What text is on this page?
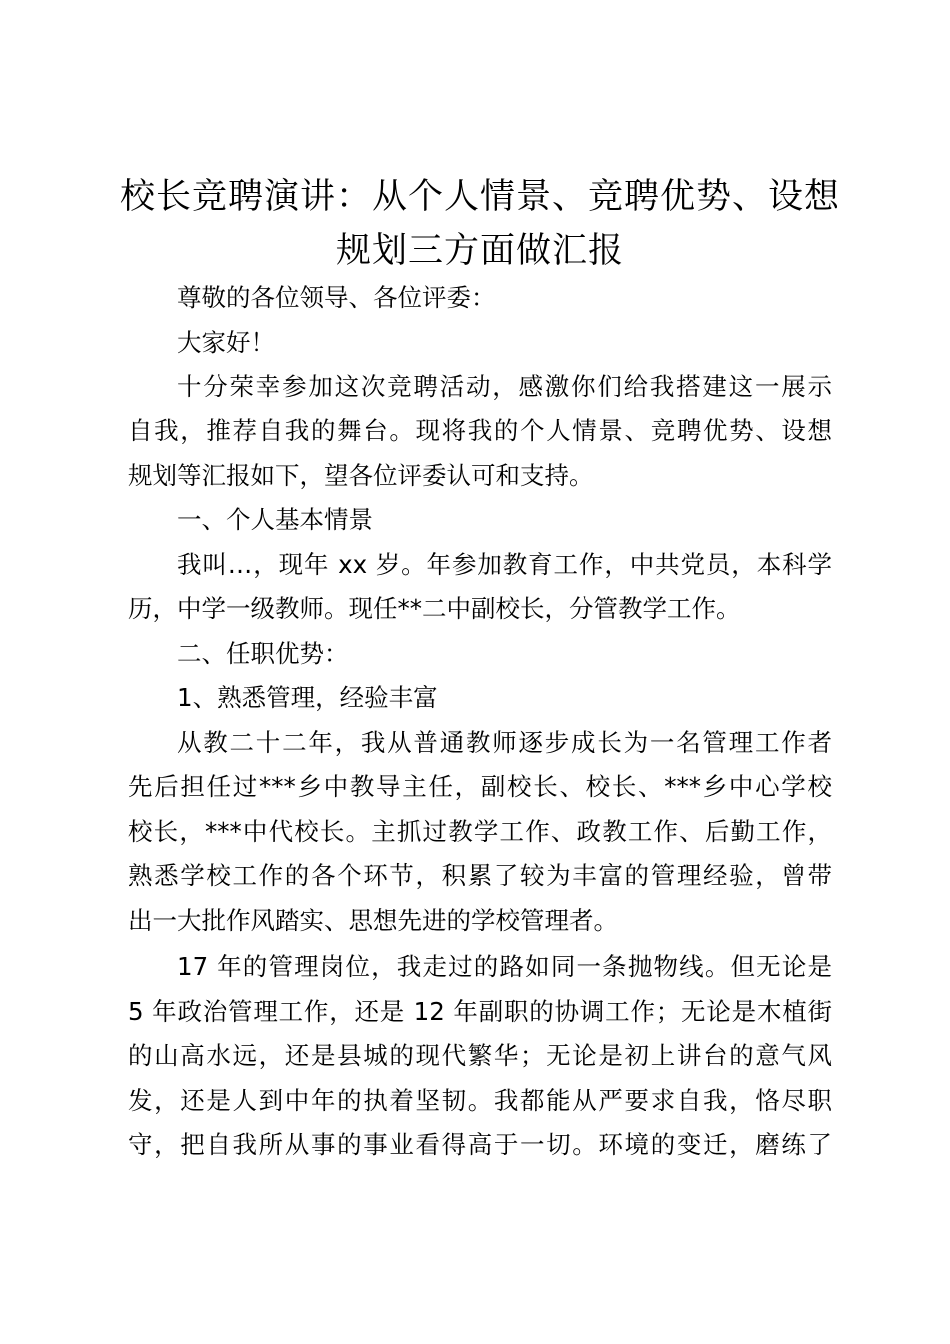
校长竞聘演讲：从个人情景、竞聘优势、设想规划三方面做汇报

尊敬的各位领导、各位评委：

大家好！

十分荣幸参加这次竞聘活动，感激你们给我搭建这一展示

自我，推荐自我的舞台。现将我的个人情景、竞聘优势、设想

规划等汇报如下，望各位评委认可和支持。

一、个人基本情景

我叫…，现年 xx 岁。年参加教育工作，中共党员，本科学

历，中学一级教师。现任**二中副校长，分管教学工作。

二、任职优势：

1、熟悉管理，经验丰富

从教二十二年，我从普通教师逐步成长为一名管理工作者

先后担任过***乡中教导主任，副校长、校长、***乡中心学校

校长，***中代校长。主抓过教学工作、政教工作、后勤工作，

熟悉学校工作的各个环节，积累了较为丰富的管理经验，曾带

出一大批作风踏实、思想先进的学校管理者。

17 年的管理岗位，我走过的路如同一条抛物线。但无论是

5 年政治管理工作，还是 12 年副职的协调工作；无论是木植街

的山高水远，还是县城的现代繁华；无论是初上讲台的意气风

发，还是人到中年的执着坚韧。我都能从严要求自我，恪尽职

守，把自我所从事的事业看得高于一切。环境的变迁，磨练了
